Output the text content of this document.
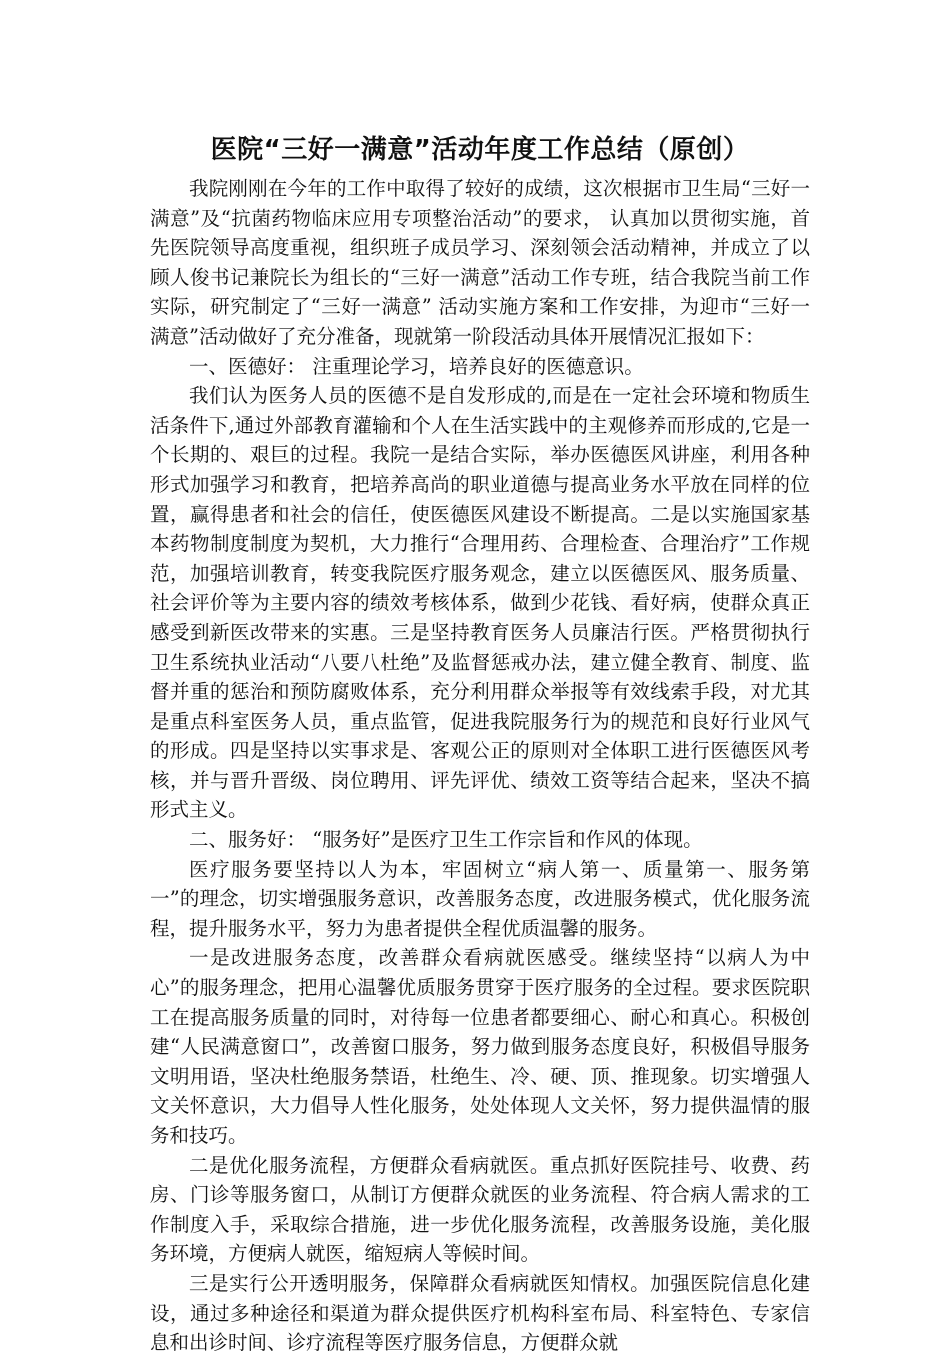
医院“三好一满意”活动年度工作总结（原创）

我院刚刚在今年的工作中取得了较好的成绩，这次根据市卫生局“三好一满意”及“抗菌药物临床应用专项整治活动”的要求， 认真加以贯彻实施，首先医院领导高度重视，组织班子成员学习、深刻领会活动精神，并成立了以顾人俊书记兼院长为组长的“三好一满意”活动工作专班，结合我院当前工作实际，研究制定了“三好一满意” 活动实施方案和工作安排，为迎市“三好一满意”活动做好了充分准备，现就第一阶段活动具体开展情况汇报如下：

一、医德好： 注重理论学习，培养良好的医德意识。

我们认为医务人员的医德不是自发形成的,而是在一定社会环境和物质生活条件下,通过外部教育灌输和个人在生活实践中的主观修养而形成的,它是一个长期的、艰巨的过程。我院一是结合实际，举办医德医风讲座，利用各种形式加强学习和教育，把培养高尚的职业道德与提高业务水平放在同样的位置，赢得患者和社会的信任，使医德医风建设不断提高。二是以实施国家基本药物制度制度为契机，大力推行“合理用药、合理检查、合理治疗”工作规范，加强培训教育，转变我院医疗服务观念，建立以医德医风、服务质量、社会评价等为主要内容的绩效考核体系，做到少花钱、看好病，使群众真正感受到新医改带来的实惠。三是坚持教育医务人员廉洁行医。严格贯彻执行卫生系统执业活动“八要八杜绝”及监督惩戒办法，建立健全教育、制度、监督并重的惩治和预防腐败体系，充分利用群众举报等有效线索手段，对尤其是重点科室医务人员，重点监管，促进我院服务行为的规范和良好行业风气的形成。四是坚持以实事求是、客观公正的原则对全体职工进行医德医风考核，并与晋升晋级、岗位聘用、评先评优、绩效工资等结合起来，坚决不搞形式主义。

二、服务好： “服务好”是医疗卫生工作宗旨和作风的体现。

医疗服务要坚持以人为本，牢固树立“病人第一、质量第一、服务第一”的理念，切实增强服务意识，改善服务态度，改进服务模式，优化服务流程，提升服务水平，努力为患者提供全程优质温馨的服务。

一是改进服务态度，改善群众看病就医感受。继续坚持“以病人为中心”的服务理念，把用心温馨优质服务贯穿于医疗服务的全过程。要求医院职工在提高服务质量的同时，对待每一位患者都要细心、耐心和真心。积极创建“人民满意窗口”，改善窗口服务，努力做到服务态度良好，积极倡导服务文明用语，坚决杜绝服务禁语，杜绝生、冷、硬、顶、推现象。切实增强人文关怀意识，大力倡导人性化服务，处处体现人文关怀，努力提供温情的服务和技巧。

二是优化服务流程，方便群众看病就医。重点抓好医院挂号、收费、药房、门诊等服务窗口，从制订方便群众就医的业务流程、符合病人需求的工作制度入手，采取综合措施，进一步优化服务流程，改善服务设施，美化服务环境，方便病人就医，缩短病人等候时间。

三是实行公开透明服务，保障群众看病就医知情权。加强医院信息化建设，通过多种途径和渠道为群众提供医疗机构科室布局、科室特色、专家信息和出诊时间、诊疗流程等医疗服务信息，方便群众就
